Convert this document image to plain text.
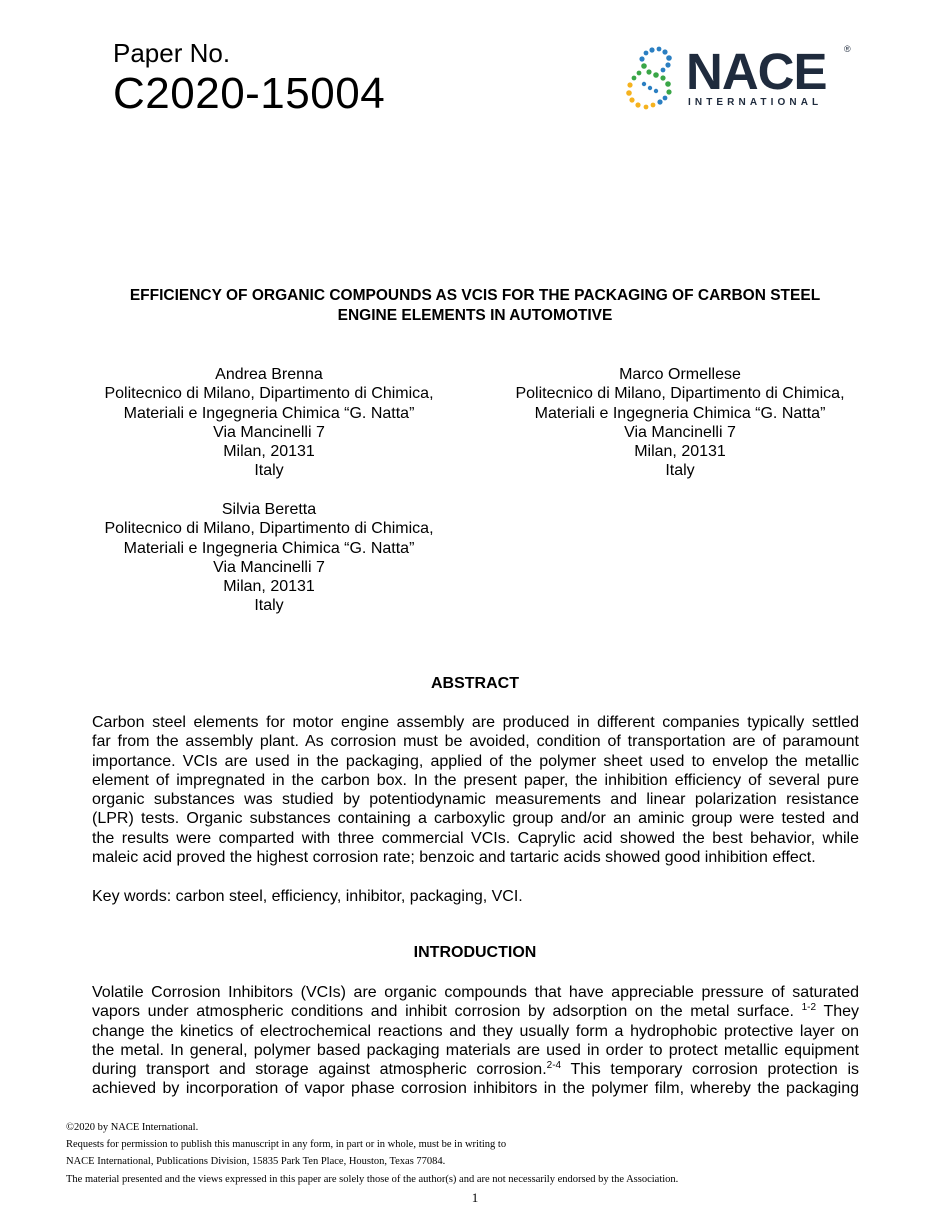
Paper No.
C2020-15004	NACE
INTERNATIONAL
®
EFFICIENCY OF ORGANIC COMPOUNDS AS VCIS FOR THE PACKAGING OF CARBON STEEL
ENGINE ELEMENTS IN AUTOMOTIVE
Andrea Brenna
Politecnico di Milano, Dipartimento di Chimica,
Materiali e Ingegneria Chimica “G. Natta”
Via Mancinelli 7
Milan, 20131
Italy
Marco Ormellese
Politecnico di Milano, Dipartimento di Chimica,
Materiali e Ingegneria Chimica “G. Natta”
Via Mancinelli 7
Milan, 20131
Italy
Silvia Beretta
Politecnico di Milano, Dipartimento di Chimica,
Materiali e Ingegneria Chimica “G. Natta”
Via Mancinelli 7
Milan, 20131
Italy
ABSTRACT
Carbon steel elements for motor engine assembly are produced in different companies typically settled
far from the assembly plant. As corrosion must be avoided, condition of transportation are of paramount
importance. VCIs are used in the packaging, applied of the polymer sheet used to envelop the metallic
element of impregnated in the carbon box. In the present paper, the inhibition efficiency of several pure
organic substances was studied by potentiodynamic measurements and linear polarization resistance
(LPR) tests. Organic substances containing a carboxylic group and/or an aminic group were tested and
the results were comparted with three commercial VCIs. Caprylic acid showed the best behavior, while
maleic acid proved the highest corrosion rate; benzoic and tartaric acids showed good inhibition effect.
Key words: carbon steel, efficiency, inhibitor, packaging, VCI.
INTRODUCTION
Volatile Corrosion Inhibitors (VCIs) are organic compounds that have appreciable pressure of saturated
vapors under atmospheric conditions and inhibit corrosion by adsorption on the metal surface. $^{1-2}$ They
change the kinetics of electrochemical reactions and they usually form a hydrophobic protective layer on
the metal. In general, polymer based packaging materials are used in order to protect metallic equipment
during transport and storage against atmospheric corrosion.$^{2-4}$ This temporary corrosion protection is
achieved by incorporation of vapor phase corrosion inhibitors in the polymer film, whereby the packaging
©2020 by NACE International.
Requests for permission to publish this manuscript in any form, in part or in whole, must be in writing to
NACE International, Publications Division, 15835 Park Ten Place, Houston, Texas 77084.
The material presented and the views expressed in this paper are solely those of the author(s) and are not necessarily endorsed by the Association.
1
